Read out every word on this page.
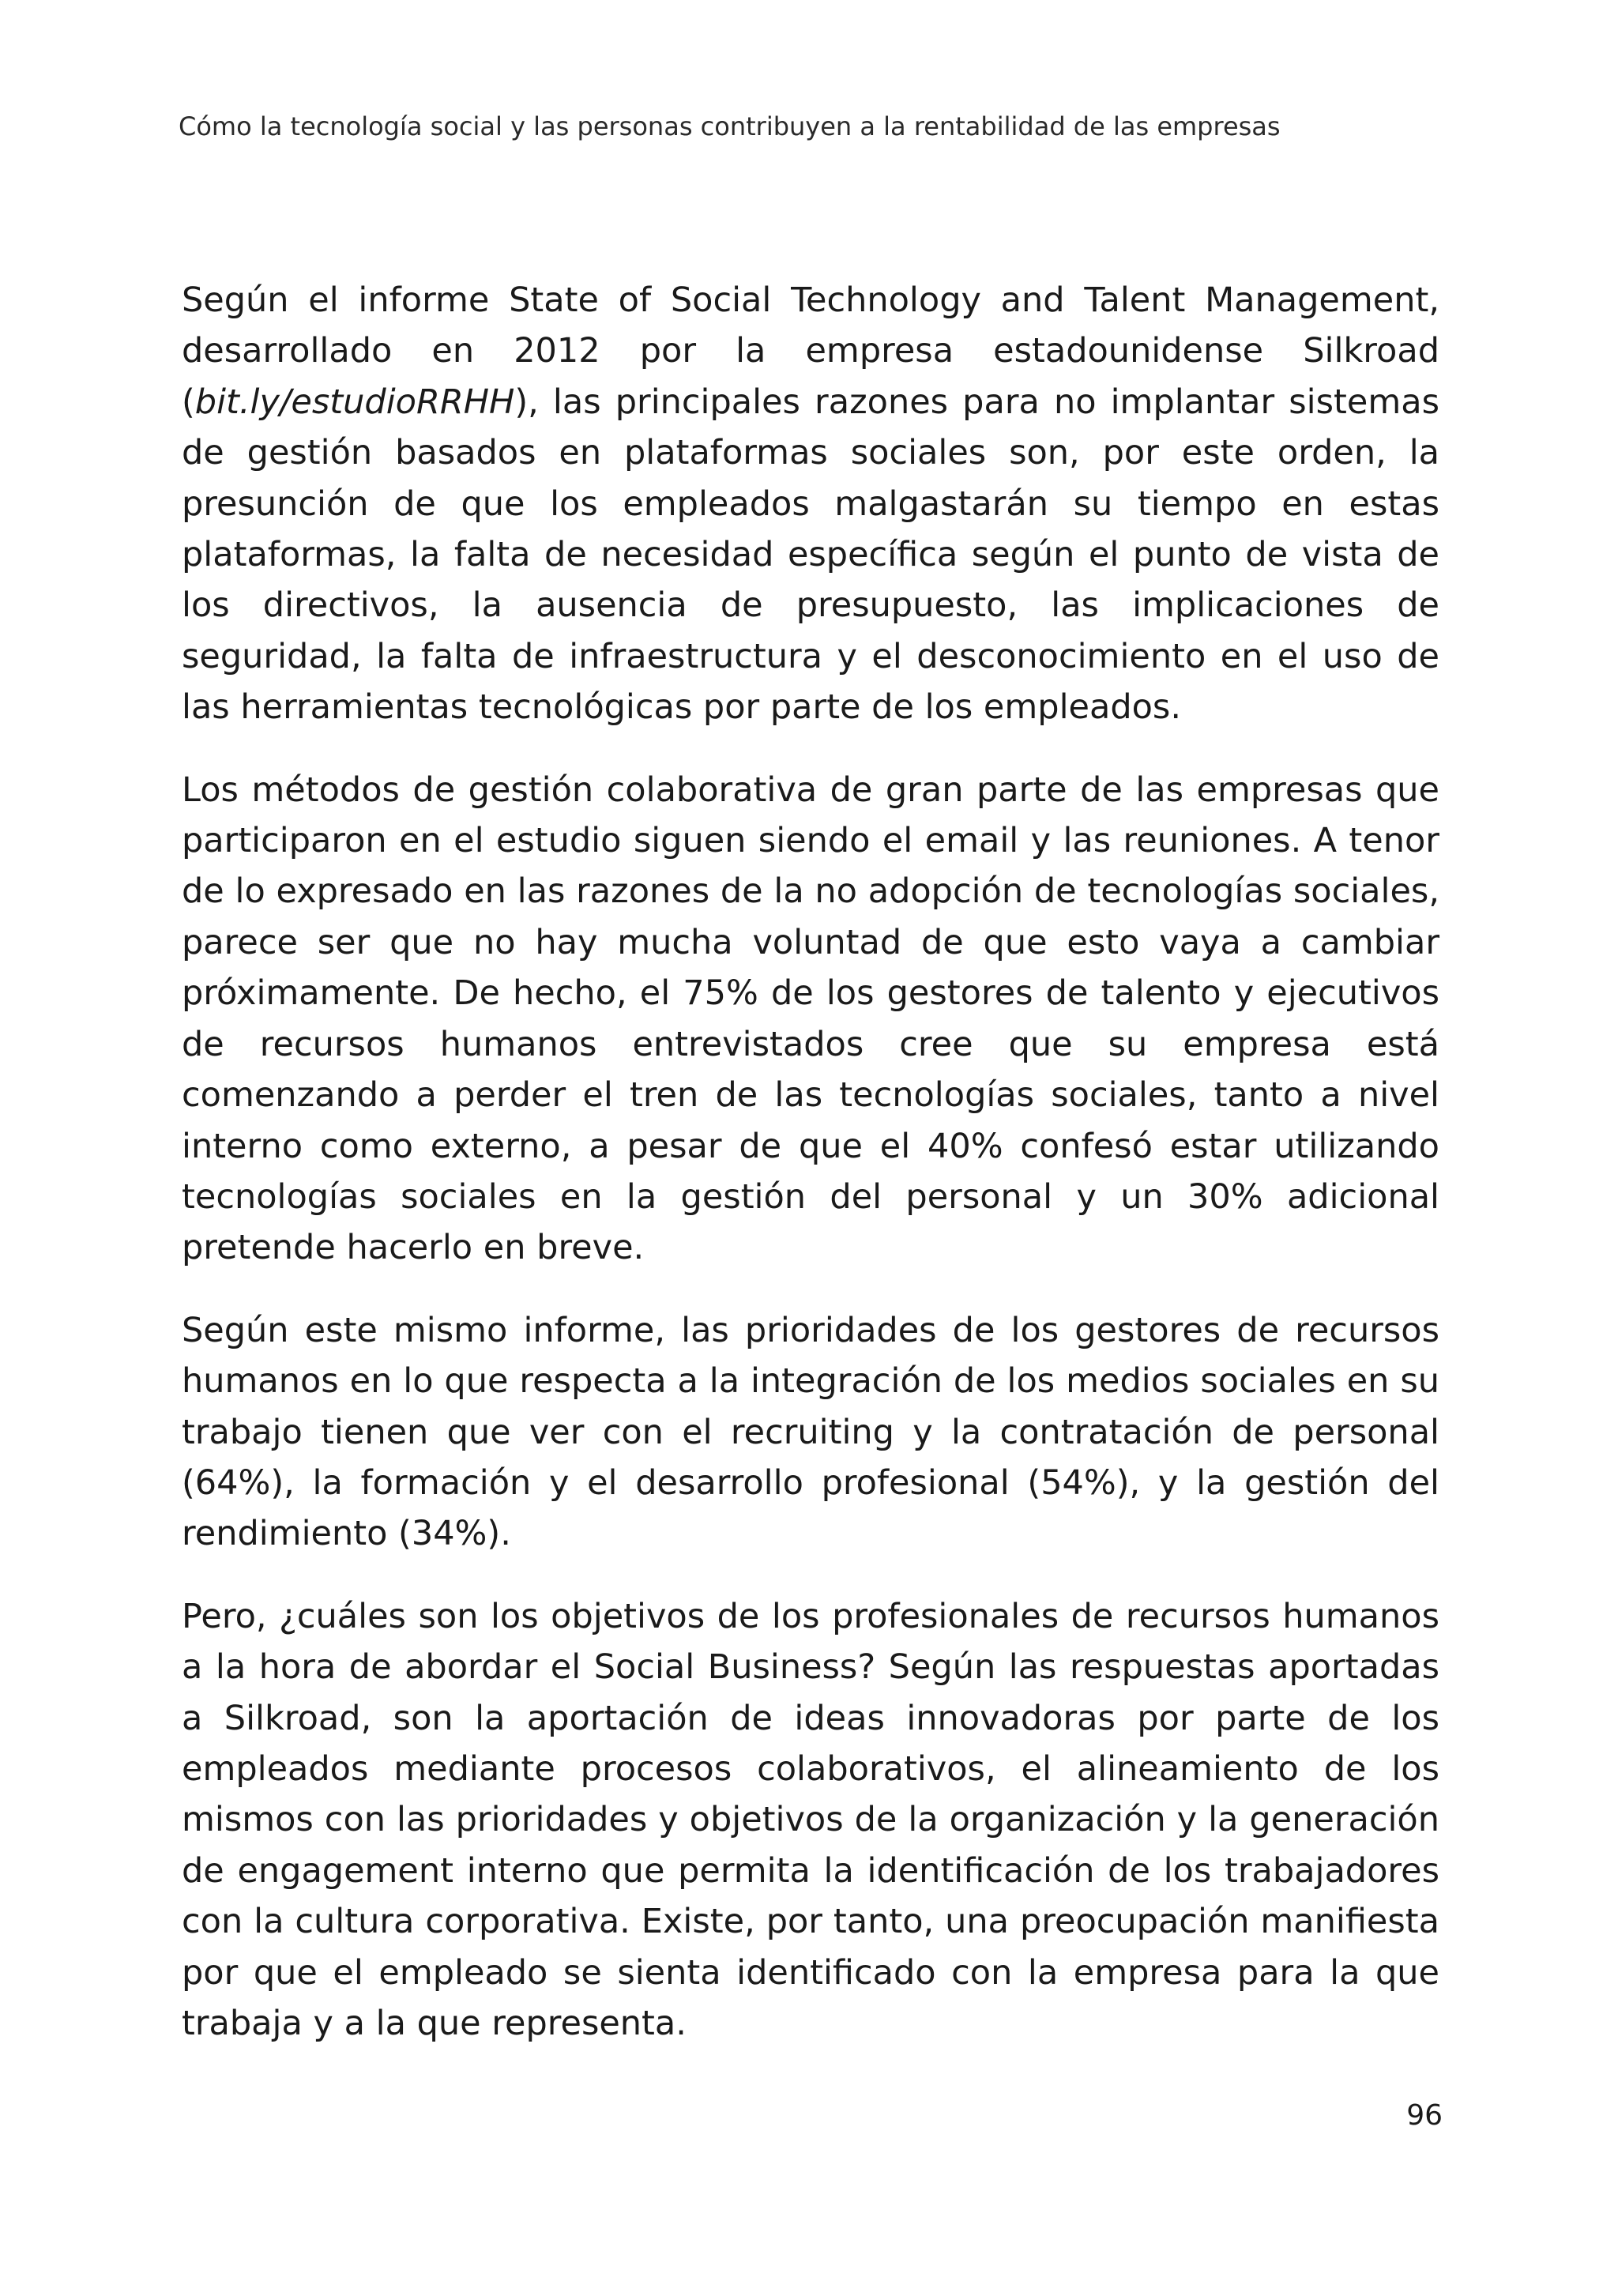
Cómo la tecnología social y las personas contribuyen a la rentabilidad de las empresas

Según el informe State of Social Technology and Talent Management, desarrollado en 2012 por la empresa estadounidense Silkroad (bit.ly/estudioRRHH), las principales razones para no implantar sistemas de gestión basados en plataformas sociales son, por este orden, la presunción de que los empleados malgastarán su tiempo en estas plataformas, la falta de necesidad específica según el punto de vista de los directivos, la ausencia de presupuesto, las implicaciones de seguridad, la falta de infraestructura y el desconocimiento en el uso de las herramientas tecnológicas por parte de los empleados.

Los métodos de gestión colaborativa de gran parte de las empresas que participaron en el estudio siguen siendo el email y las reuniones. A tenor de lo expresado en las razones de la no adopción de tecnologías sociales, parece ser que no hay mucha voluntad de que esto vaya a cambiar próximamente. De hecho, el 75% de los gestores de talento y ejecutivos de recursos humanos entrevistados cree que su empresa está comenzando a perder el tren de las tecnologías sociales, tanto a nivel interno como externo, a pesar de que el 40% confesó estar utilizando tecnologías sociales en la gestión del personal y un 30% adicional pretende hacerlo en breve.

Según este mismo informe, las prioridades de los gestores de recursos humanos en lo que respecta a la integración de los medios sociales en su trabajo tienen que ver con el recruiting y la contratación de personal (64%), la formación y el desarrollo profesional (54%), y la gestión del rendimiento (34%).

Pero, ¿cuáles son los objetivos de los profesionales de recursos humanos a la hora de abordar el Social Business? Según las respuestas aportadas a Silkroad, son la aportación de ideas innovadoras por parte de los empleados mediante procesos colaborativos, el alineamiento de los mismos con las prioridades y objetivos de la organización y la generación de engagement interno que permita la identificación de los trabajadores con la cultura corporativa. Existe, por tanto, una preocupación manifiesta por que el empleado se sienta identificado con la empresa para la que trabaja y a la que representa.

96
